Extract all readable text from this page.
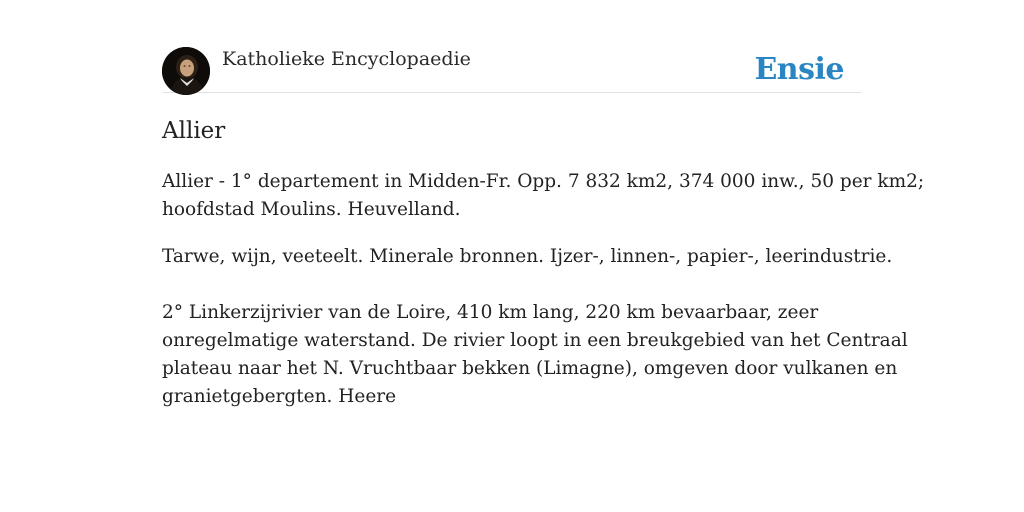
Katholieke Encyclopaedie	Ensie
Allier

Allier - 1° departement in Midden-Fr. Opp. 7 832 km2, 374 000 inw., 50 per km2;
hoofdstad Moulins. Heuvelland.

Tarwe, wijn, veeteelt. Minerale bronnen. Ijzer-, linnen-, papier-, leerindustrie.

2° Linkerzijrivier van de Loire, 410 km lang, 220 km bevaarbaar, zeer
onregelmatige waterstand. De rivier loopt in een breukgebied van het Centraal
plateau naar het N. Vruchtbaar bekken (Limagne), omgeven door vulkanen en
granietgebergten. Heere
